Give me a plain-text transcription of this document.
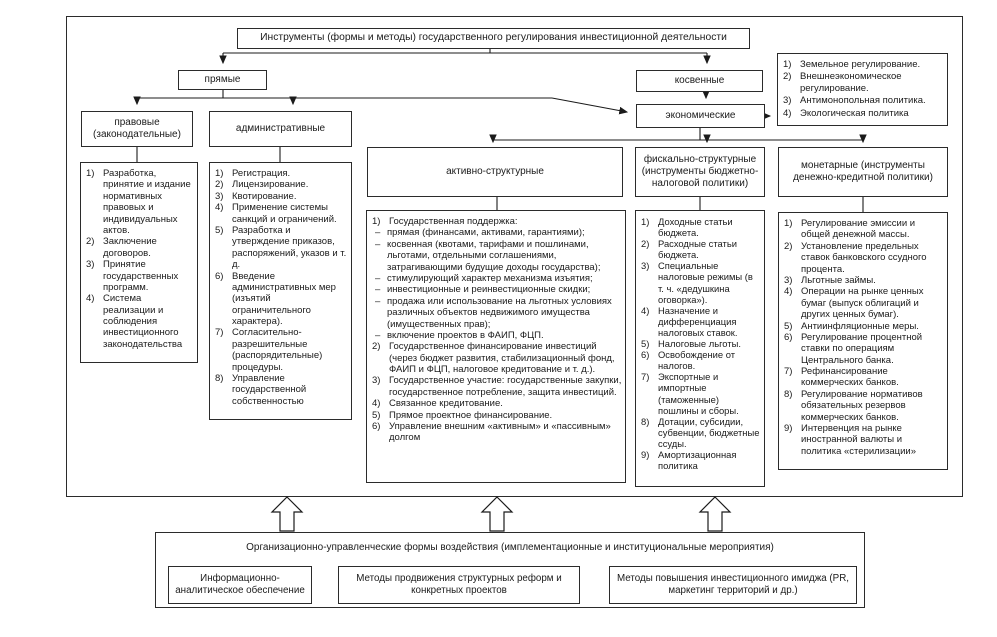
Инструменты (формы и методы) государственного регулирования инвестиционной деятельности
прямые	косвенные
экономические
1) Земельное регулирование.
2) Внешнеэкономическое регулирование.
3) Антимонопольная политика.
4) Экологическая политика
правовые (законодательные)
административные
активно-структурные
фискально-структурные (инструменты бюджетно-налоговой политики)
монетарные (инструменты денежно-кредитной политики)
1) Разработка, принятие и издание нормативных правовых и индивидуальных актов.
2) Заключение договоров.
3) Принятие государственных программ.
4) Система реализации и соблюдения инвестиционного законодательства
1) Регистрация.
2) Лицензирование.
3) Квотирование.
4) Применение системы санкций и ограничений.
5) Разработка и утверждение приказов, распоряжений, указов и т. д.
6) Введение административных мер (изъятий ограничительного характера).
7) Согласительно-разрешительные (распорядительные) процедуры.
8) Управление государственной собственностью
1) Государственная поддержка:
– прямая (финансами, активами, гарантиями);
– косвенная (квотами, тарифами и пошлинами, льготами, отдельными соглашениями, затрагивающими будущие доходы государства);
– стимулирующий характер механизма изъятия;
– инвестиционные и реинвестиционные скидки;
– продажа или использование на льготных условиях различных объектов недвижимого имущества (имущественных прав);
– включение проектов в ФАИП, ФЦП.
2) Государственное финансирование инвестиций (через бюджет развития, стабилизационный фонд, ФАИП и ФЦП, налоговое кредитование и т. д.).
3) Государственное участие: государственные закупки, государственное потребление, защита инвестиций.
4) Связанное кредитование.
5) Прямое проектное финансирование.
6) Управление внешним «активным» и «пассивным» долгом
1) Доходные статьи бюджета.
2) Расходные статьи бюджета.
3) Специальные налоговые режимы (в т. ч. «дедушкина оговорка»).
4) Назначение и дифференциация налоговых ставок.
5) Налоговые льготы.
6) Освобождение от налогов.
7) Экспортные и импортные (таможенные) пошлины и сборы.
8) Дотации, субсидии, субвенции, бюджетные ссуды.
9) Амортизационная политика
1) Регулирование эмиссии и общей денежной массы.
2) Установление предельных ставок банковского ссудного процента.
3) Льготные займы.
4) Операции на рынке ценных бумаг (выпуск облигаций и других ценных бумаг).
5) Антиинфляционные меры.
6) Регулирование процентной ставки по операциям Центрального банка.
7) Рефинансирование коммерческих банков.
8) Регулирование нормативов обязательных резервов коммерческих банков.
9) Интервенция на рынке иностранной валюты и политика «стерилизации»
Организационно-управленческие формы воздействия (имплементационные и институциональные мероприятия)
Информационно-аналитическое обеспечение
Методы продвижения структурных реформ и конкретных проектов
Методы повышения инвестиционного имиджа (PR, маркетинг территорий и др.)
